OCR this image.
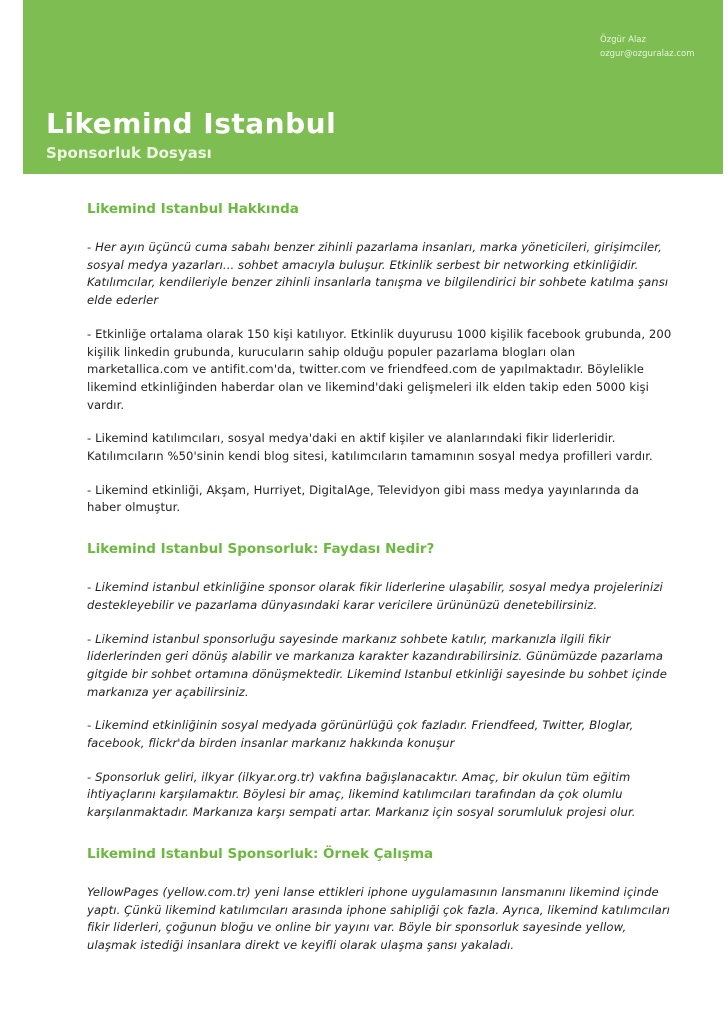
Özgür Alaz
ozgur@ozguralaz.com
Likemind Istanbul
Sponsorluk Dosyası
Likemind Istanbul Hakkında

- Her ayın üçüncü cuma sabahı benzer zihinli pazarlama insanları, marka yöneticileri, girişimciler, sosyal medya yazarları... sohbet amacıyla buluşur. Etkinlik serbest bir networking etkinliğidir. Katılımcılar, kendileriyle benzer zihinli insanlarla tanışma ve bilgilendirici bir sohbete katılma şansı elde ederler

- Etkinliğe ortalama olarak 150 kişi katılıyor. Etkinlik duyurusu 1000 kişilik facebook grubunda, 200 kişilik linkedin grubunda, kurucuların sahip olduğu populer pazarlama blogları olan marketallica.com ve antifit.com'da, twitter.com ve friendfeed.com de yapılmaktadır. Böylelikle likemind etkinliğinden haberdar olan ve likemind'daki gelişmeleri ilk elden takip eden 5000 kişi vardır.

- Likemind katılımcıları, sosyal medya'daki en aktif kişiler ve alanlarındaki fikir liderleridir. Katılımcıların %50'sinin kendi blog sitesi, katılımcıların tamamının sosyal medya profilleri vardır.

- Likemind etkinliği, Akşam, Hurriyet, DigitalAge, Televidyon gibi mass medya yayınlarında da haber olmuştur.

Likemind Istanbul Sponsorluk: Faydası Nedir?

- Likemind istanbul etkinliğine sponsor olarak fikir liderlerine ulaşabilir, sosyal medya projelerinizi destekleyebilir ve pazarlama dünyasındaki karar vericilere ürününüzü denetebilirsiniz.

- Likemind istanbul sponsorluğu sayesinde markanız sohbete katılır, markanızla ilgili fikir liderlerinden geri dönüş alabilir ve markanıza karakter kazandırabilirsiniz. Günümüzde pazarlama gitgide bir sohbet ortamına dönüşmektedir. Likemind Istanbul etkinliği sayesinde bu sohbet içinde markanıza yer açabilirsiniz.

- Likemind etkinliğinin sosyal medyada görünürlüğü çok fazladır. Friendfeed, Twitter, Bloglar, facebook, flickr'da birden insanlar markanız hakkında konuşur

- Sponsorluk geliri, ilkyar (ilkyar.org.tr) vakfına bağışlanacaktır. Amaç, bir okulun tüm eğitim ihtiyaçlarını karşılamaktır. Böylesi bir amaç, likemind katılımcıları tarafından da çok olumlu karşılanmaktadır. Markanıza karşı sempati artar. Markanız için sosyal sorumluluk projesi olur.

Likemind Istanbul Sponsorluk: Örnek Çalışma

YellowPages (yellow.com.tr) yeni lanse ettikleri iphone uygulamasının lansmanını likemind içinde yaptı. Çünkü likemind katılımcıları arasında iphone sahipliği çok fazla. Ayrıca, likemind katılımcıları fikir liderleri, çoğunun bloğu ve online bir yayını var. Böyle bir sponsorluk sayesinde yellow, ulaşmak istediği insanlara direkt ve keyifli olarak ulaşma şansı yakaladı.
